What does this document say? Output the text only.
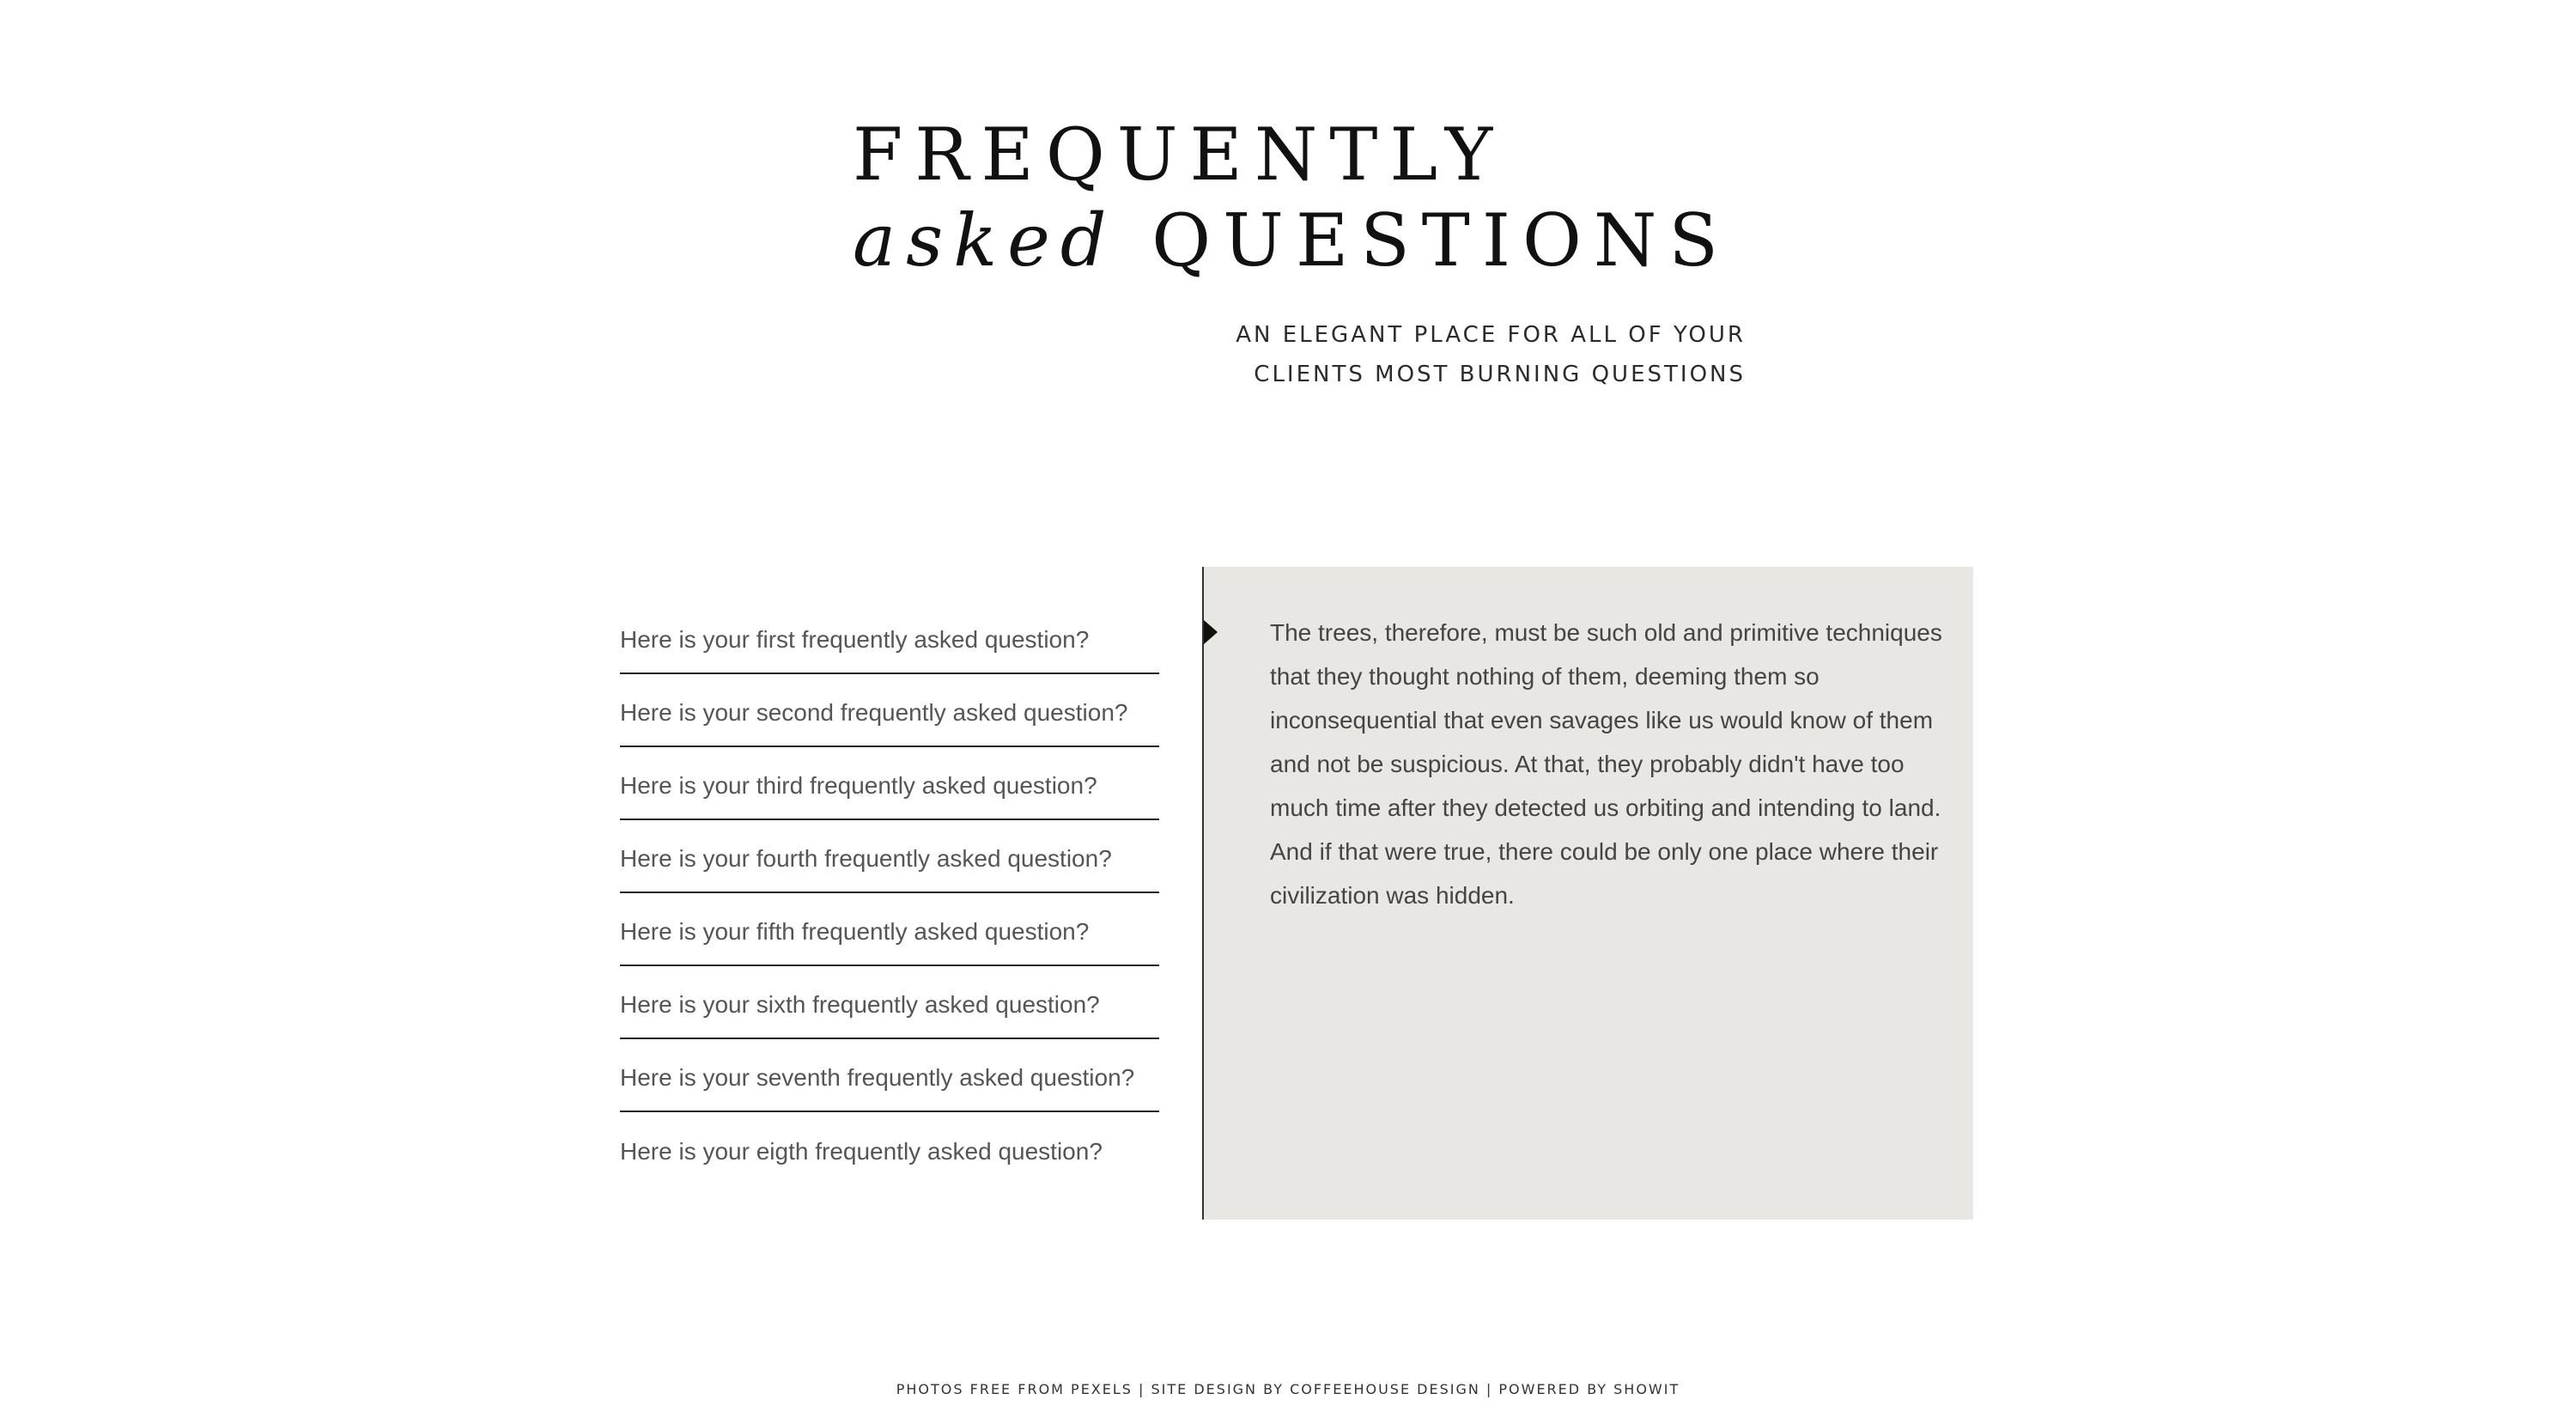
FREQUENTLY
asked QUESTIONS
AN ELEGANT PLACE FOR ALL OF YOUR
CLIENTS MOST BURNING QUESTIONS
Here is your first frequently asked question?
Here is your second frequently asked question?
Here is your third frequently asked question?
Here is your fourth frequently asked question?
Here is your fifth frequently asked question?
Here is your sixth frequently asked question?
Here is your seventh frequently asked question?
Here is your eigth frequently asked question?

The trees, therefore, must be such old and primitive techniques that they thought nothing of them, deeming them so inconsequential that even savages like us would know of them and not be suspicious. At that, they probably didn't have too much time after they detected us orbiting and intending to land. And if that were true, there could be only one place where their civilization was hidden.

PHOTOS FREE FROM PEXELS | SITE DESIGN BY COFFEEHOUSE DESIGN | POWERED BY SHOWIT
